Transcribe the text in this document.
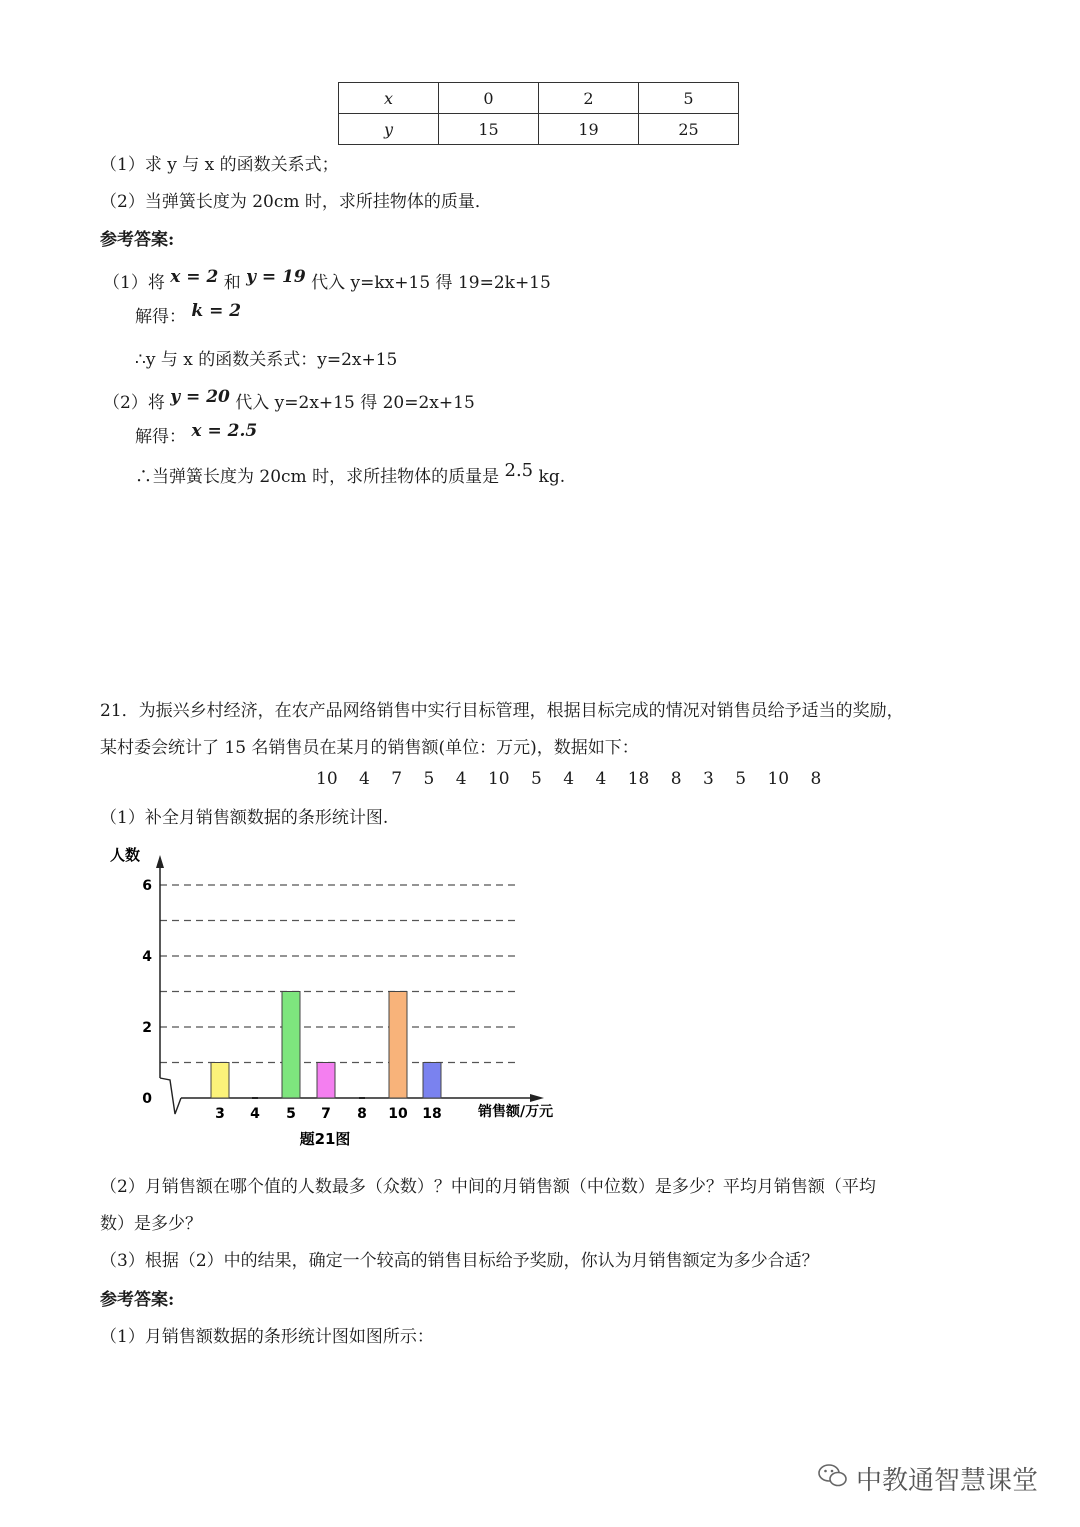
x	0	2	5
y	15	19	25
（1）求 y 与 x 的函数关系式；
（2）当弹簧长度为 20cm 时，求所挂物体的质量．
参考答案:
（1）将 x = 2 和 y = 19 代入 y=kx+15 得 19=2k+15
解得： k = 2
∴y 与 x 的函数关系式：y=2x+15
（2）将 y = 20 代入 y=2x+15 得 20=2x+15
解得： x = 2.5
∴当弹簧长度为 20cm 时，求所挂物体的质量是 2.5 kg.
21．为振兴乡村经济，在农产品网络销售中实行目标管理，根据目标完成的情况对销售员给予适当的奖励，
某村委会统计了 15 名销售员在某月的销售额(单位：万元)，数据如下：
10 4 7 5 4 10 5 4 4 18 8 3 5 10 8
（1）补全月销售额数据的条形统计图.
0
2
4
6
人数
3 4 5 7 8 10 18	销售额/万元
题21图
（2）月销售额在哪个值的人数最多（众数）？中间的月销售额（中位数）是多少？平均月销售额（平均
数）是多少？
（3）根据（2）中的结果，确定一个较高的销售目标给予奖励，你认为月销售额定为多少合适？
参考答案:
（1）月销售额数据的条形统计图如图所示：
中教通智慧课堂
